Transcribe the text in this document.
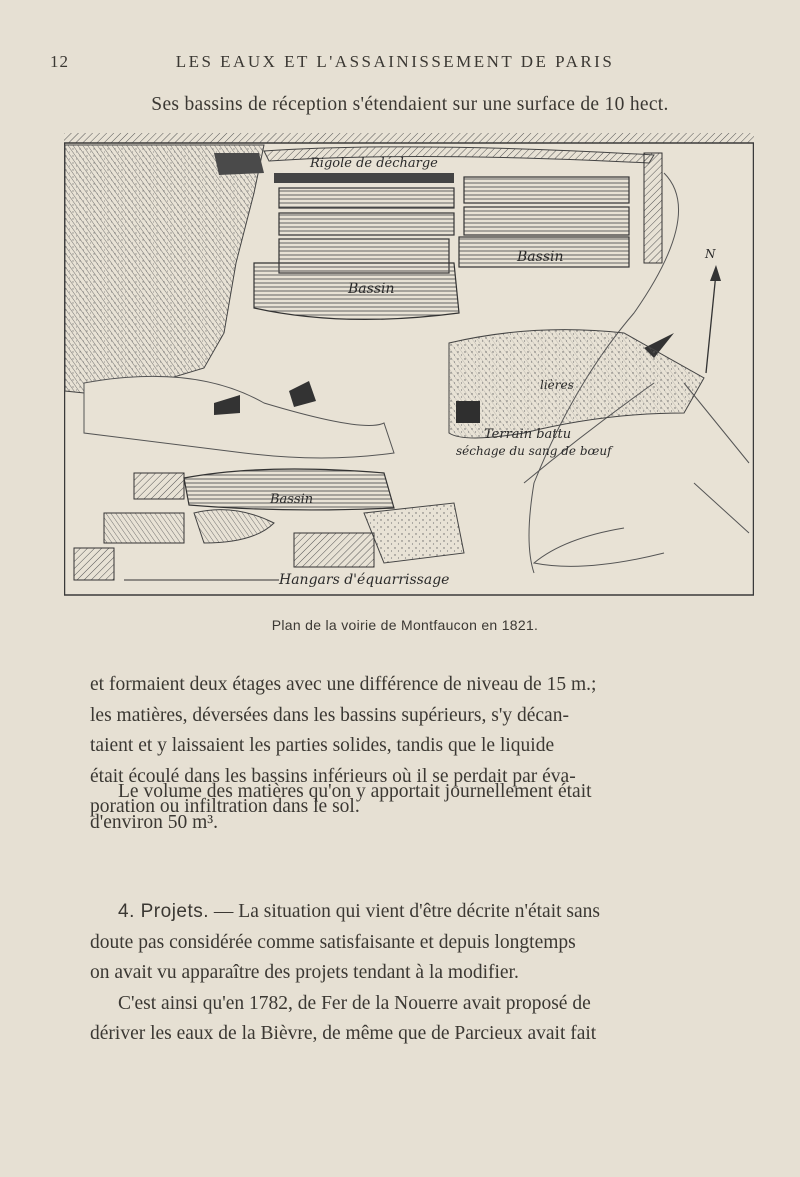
12	LES EAUX ET L'ASSAINISSEMENT DE PARIS
Ses bassins de réception s'étendaient sur une surface de 10 hect.
Rigole de décharge
Bassin
Bassin
N
lières
Terrain battu
séchage du sang de bœuf
Bassin
Hangars d'équarrissage
Plan de la voirie de Montfaucon en 1821.

et formaient deux étages avec une différence de niveau de 15 m.;

les matières, déversées dans les bassins supérieurs, s'y décan-

taient et y laissaient les parties solides, tandis que le liquide

était écoulé dans les bassins inférieurs où il se perdait par éva-

poration ou infiltration dans le sol.

Le volume des matières qu'on y apportait journellement était

d'environ 50 m³.

4. Projets. — La situation qui vient d'être décrite n'était sans

doute pas considérée comme satisfaisante et depuis longtemps

on avait vu apparaître des projets tendant à la modifier.

C'est ainsi qu'en 1782, de Fer de la Nouerre avait proposé de

dériver les eaux de la Bièvre, de même que de Parcieux avait fait
